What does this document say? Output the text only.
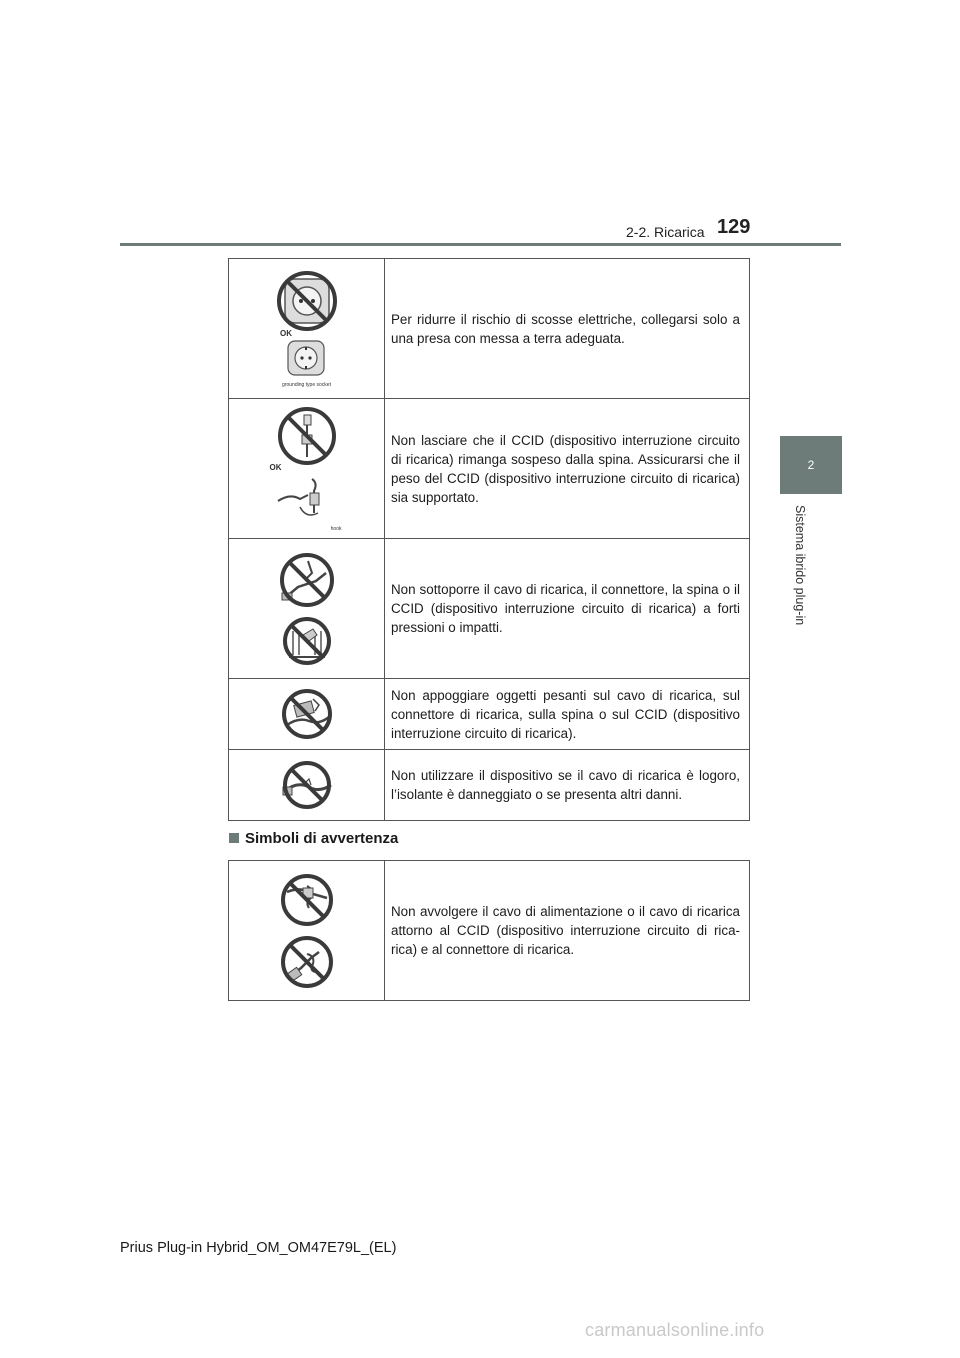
2-2. Ricarica 129
2
Sistema ibrido plug-in
OK
grounding type socket	Per ridurre il rischio di scosse elettriche, collegarsi solo a una presa con messa a terra adeguata.

OK
hook	Non lasciare che il CCID (dispositivo interruzione circuito di ricarica) rimanga sospeso dalla spina. Assicurarsi che il peso del CCID (dispositivo interruzione circuito di ricarica) sia supportato.

	Non sottoporre il cavo di ricarica, il connettore, la spina o il CCID (dispositivo interruzione circuito di ricarica) a forti pressioni o impatti.

	Non appoggiare oggetti pesanti sul cavo di ricarica, sul connettore di ricarica, sulla spina o sul CCID (dispositivo interruzione circuito di ricarica).

	Non utilizzare il dispositivo se il cavo di ricarica è logoro, l’isolante è danneggiato o se presenta altri danni.
Simboli di avvertenza
	Non avvolgere il cavo di alimentazione o il cavo di ricarica attorno al CCID (dispositivo interruzione circuito di rica-rica) e al connettore di ricarica.
Prius Plug-in Hybrid_OM_OM47E79L_(EL)
carmanualsonline.info
